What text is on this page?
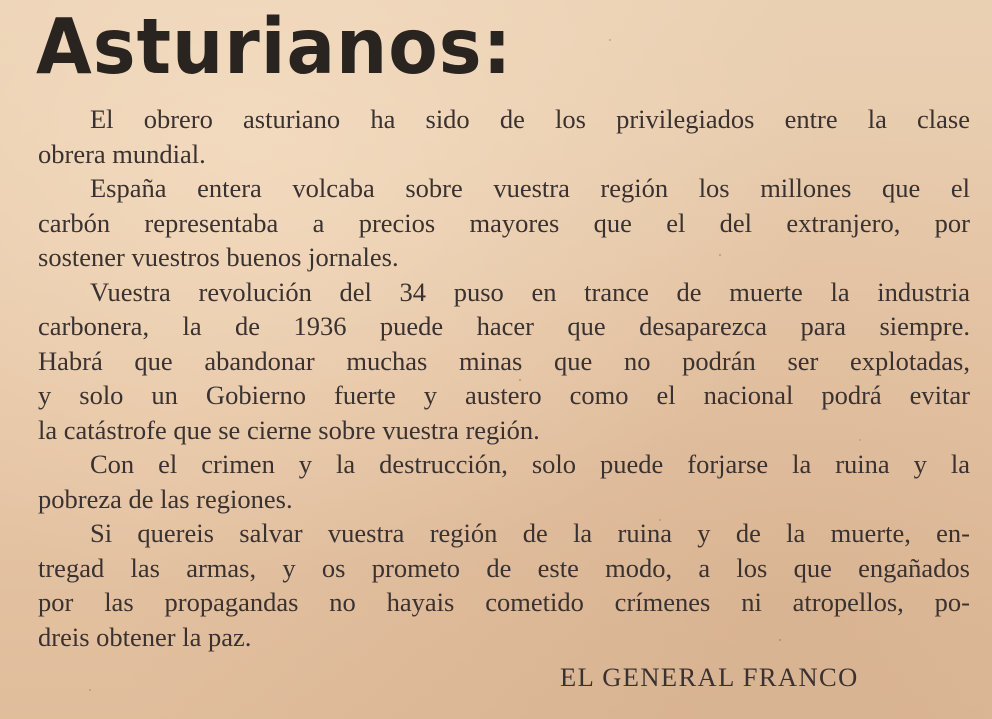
Asturianos:
El obrero asturiano ha sido de los privilegiados entre la clase
obrera mundial.
España entera volcaba sobre vuestra región los millones que el
carbón representaba a precios mayores que el del extranjero, por
sostener vuestros buenos jornales.
Vuestra revolución del 34 puso en trance de muerte la industria
carbonera, la de 1936 puede hacer que desaparezca para siempre.
Habrá que abandonar muchas minas que no podrán ser explotadas,
y solo un Gobierno fuerte y austero como el nacional podrá evitar
la catástrofe que se cierne sobre vuestra región.
Con el crimen y la destrucción, solo puede forjarse la ruina y la
pobreza de las regiones.
Si quereis salvar vuestra región de la ruina y de la muerte, en-
tregad las armas, y os prometo de este modo, a los que engañados
por las propagandas no hayais cometido crímenes ni atropellos, po-
dreis obtener la paz.
EL GENERAL FRANCO
